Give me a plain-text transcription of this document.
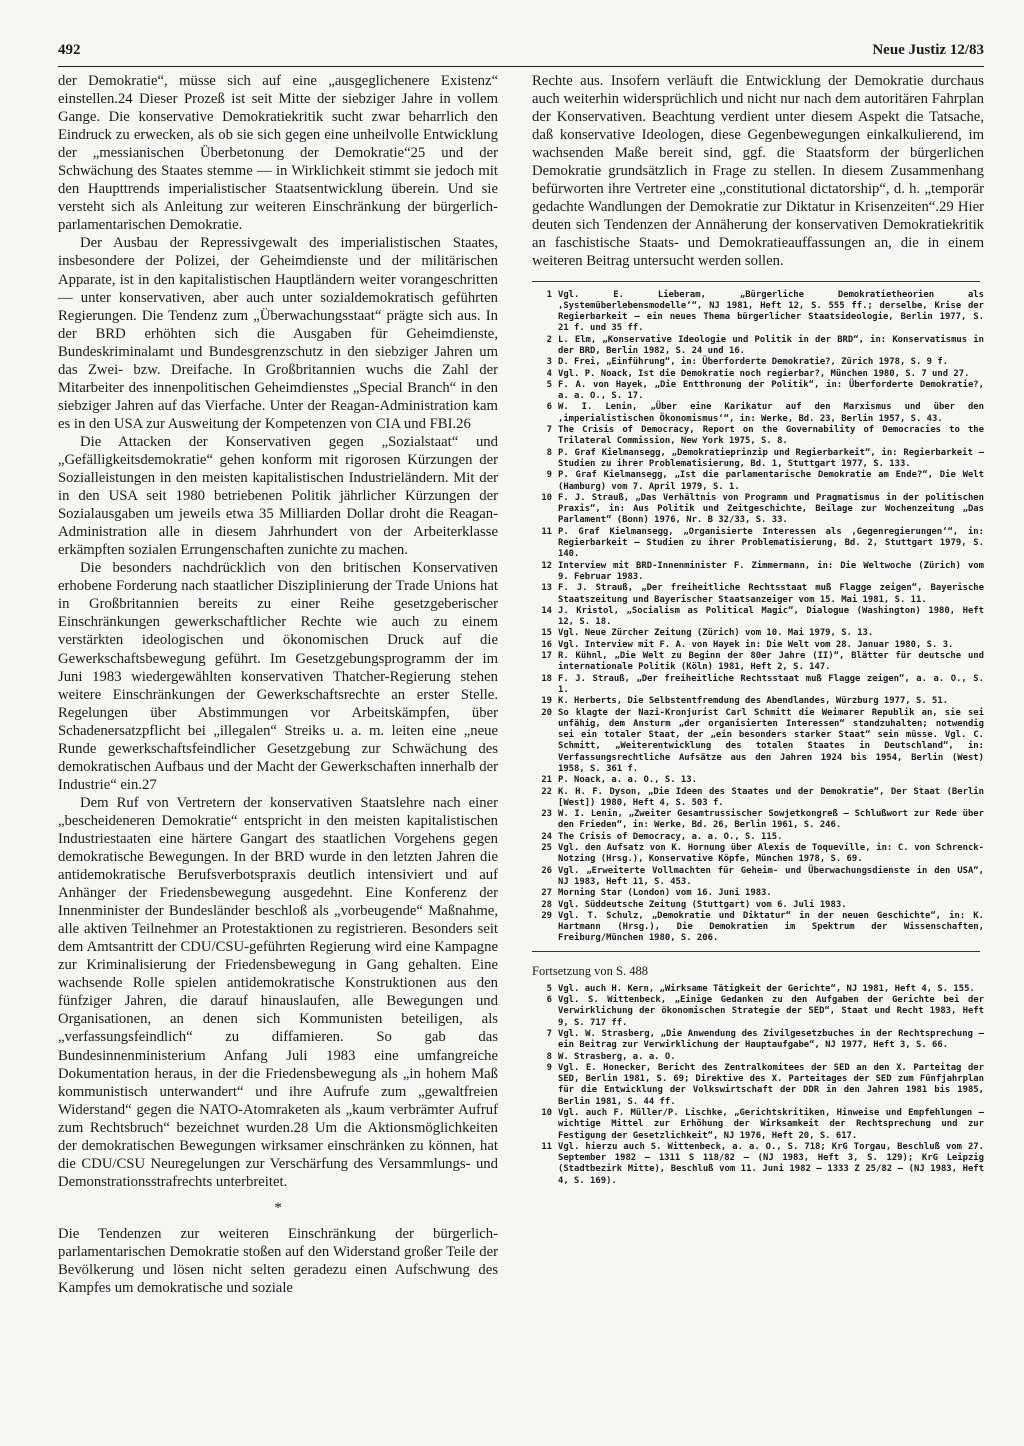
492	Neue Justiz 12/83

der Demokratie“, müsse sich auf eine „ausgeglichenere Existenz“ einstellen.24 Dieser Prozeß ist seit Mitte der siebziger Jahre in vollem Gange. Die konservative Demokratiekritik sucht zwar beharrlich den Eindruck zu erwecken, als ob sie sich gegen eine unheilvolle Entwicklung der „messianischen Überbetonung der Demokratie“25 und der Schwächung des Staates stemme — in Wirklichkeit stimmt sie jedoch mit den Haupttrends imperialistischer Staatsentwicklung überein. Und sie versteht sich als Anleitung zur weiteren Einschränkung der bürgerlich-parlamentarischen Demokratie.

Der Ausbau der Repressivgewalt des imperialistischen Staates, insbesondere der Polizei, der Geheimdienste und der militärischen Apparate, ist in den kapitalistischen Hauptländern weiter vorangeschritten — unter konservativen, aber auch unter sozialdemokratisch geführten Regierungen. Die Tendenz zum „Überwachungsstaat“ prägte sich aus. In der BRD erhöhten sich die Ausgaben für Geheimdienste, Bundeskriminalamt und Bundesgrenzschutz in den siebziger Jahren um das Zwei- bzw. Dreifache. In Großbritannien wuchs die Zahl der Mitarbeiter des innenpolitischen Geheimdienstes „Special Branch“ in den siebziger Jahren auf das Vierfache. Unter der Reagan-Administration kam es in den USA zur Ausweitung der Kompetenzen von CIA und FBI.26

Die Attacken der Konservativen gegen „Sozialstaat“ und „Gefälligkeitsdemokratie“ gehen konform mit rigorosen Kürzungen der Sozialleistungen in den meisten kapitalistischen Industrieländern. Mit der in den USA seit 1980 betriebenen Politik jährlicher Kürzungen der Sozialausgaben um jeweils etwa 35 Milliarden Dollar droht die Reagan-Administration alle in diesem Jahrhundert von der Arbeiterklasse erkämpften sozialen Errungenschaften zunichte zu machen.

Die besonders nachdrücklich von den britischen Konservativen erhobene Forderung nach staatlicher Disziplinierung der Trade Unions hat in Großbritannien bereits zu einer Reihe gesetzgeberischer Einschränkungen gewerkschaftlicher Rechte wie auch zu einem verstärkten ideologischen und ökonomischen Druck auf die Gewerkschaftsbewegung geführt. Im Gesetzgebungsprogramm der im Juni 1983 wiedergewählten konservativen Thatcher-Regierung stehen weitere Einschränkungen der Gewerkschaftsrechte an erster Stelle. Regelungen über Abstimmungen vor Arbeitskämpfen, über Schadenersatzpflicht bei „illegalen“ Streiks u. a. m. leiten eine „neue Runde gewerkschaftsfeindlicher Gesetzgebung zur Schwächung des demokratischen Aufbaus und der Macht der Gewerkschaften innerhalb der Industrie“ ein.27

Dem Ruf von Vertretern der konservativen Staatslehre nach einer „bescheideneren Demokratie“ entspricht in den meisten kapitalistischen Industriestaaten eine härtere Gangart des staatlichen Vorgehens gegen demokratische Bewegungen. In der BRD wurde in den letzten Jahren die antidemokratische Berufsverbotspraxis deutlich intensiviert und auf Anhänger der Friedensbewegung ausgedehnt. Eine Konferenz der Innenminister der Bundesländer beschloß als „vorbeugende“ Maßnahme, alle aktiven Teilnehmer an Protestaktionen zu registrieren. Besonders seit dem Amtsantritt der CDU/CSU-geführten Regierung wird eine Kampagne zur Kriminalisierung der Friedensbewegung in Gang gehalten. Eine wachsende Rolle spielen antidemokratische Konstruktionen aus den fünfziger Jahren, die darauf hinauslaufen, alle Bewegungen und Organisationen, an denen sich Kommunisten beteiligen, als „verfassungsfeindlich“ zu diffamieren. So gab das Bundesinnenministerium Anfang Juli 1983 eine umfangreiche Dokumentation heraus, in der die Friedensbewegung als „in hohem Maß kommunistisch unterwandert“ und ihre Aufrufe zum „gewaltfreien Widerstand“ gegen die NATO-Atomraketen als „kaum verbrämter Aufruf zum Rechtsbruch“ bezeichnet wurden.28 Um die Aktionsmöglichkeiten der demokratischen Bewegungen wirksamer einschränken zu können, hat die CDU/CSU Neuregelungen zur Verschärfung des Versammlungs- und Demonstrationsstrafrechts unterbreitet.

*

Die Tendenzen zur weiteren Einschränkung der bürgerlich-parlamentarischen Demokratie stoßen auf den Widerstand großer Teile der Bevölkerung und lösen nicht selten geradezu einen Aufschwung des Kampfes um demokratische und soziale

Rechte aus. Insofern verläuft die Entwicklung der Demokratie durchaus auch weiterhin widersprüchlich und nicht nur nach dem autoritären Fahrplan der Konservativen. Beachtung verdient unter diesem Aspekt die Tatsache, daß konservative Ideologen, diese Gegenbewegungen einkalkulierend, im wachsenden Maße bereit sind, ggf. die Staatsform der bürgerlichen Demokratie grundsätzlich in Frage zu stellen. In diesem Zusammenhang befürworten ihre Vertreter eine „constitutional dictatorship“, d. h. „temporär gedachte Wandlungen der Demokratie zur Diktatur in Krisenzeiten“.29 Hier deuten sich Tendenzen der Annäherung der konservativen Demokratiekritik an faschistische Staats- und Demokratieauffassungen an, die in einem weiteren Beitrag untersucht werden sollen.

1 Vgl. E. Lieberam, „Bürgerliche Demokratietheorien als ‚Systemüberlebensmodelle‘“, NJ 1981, Heft 12, S. 555 ff.; derselbe, Krise der Regierbarkeit — ein neues Thema bürgerlicher Staatsideologie, Berlin 1977, S. 21 f. und 35 ff.
2 L. Elm, „Konservative Ideologie und Politik in der BRD“, in: Konservatismus in der BRD, Berlin 1982, S. 24 und 16.
3 D. Frei, „Einführung“, in: Überforderte Demokratie?, Zürich 1978, S. 9 f.
4 Vgl. P. Noack, Ist die Demokratie noch regierbar?, München 1980, S. 7 und 27.
5 F. A. von Hayek, „Die Entthronung der Politik“, in: Überforderte Demokratie?, a. a. O., S. 17.
6 W. I. Lenin, „Über eine Karikatur auf den Marxismus und über den ‚imperialistischen Ökonomismus‘“, in: Werke, Bd. 23, Berlin 1957, S. 43.
7 The Crisis of Democracy, Report on the Governability of Democracies to the Trilateral Commission, New York 1975, S. 8.
8 P. Graf Kielmansegg, „Demokratieprinzip und Regierbarkeit“, in: Regierbarkeit — Studien zu ihrer Problematisierung, Bd. 1, Stuttgart 1977, S. 133.
9 P. Graf Kielmansegg, „Ist die parlamentarische Demokratie am Ende?“, Die Welt (Hamburg) vom 7. April 1979, S. 1.
10 F. J. Strauß, „Das Verhältnis von Programm und Pragmatismus in der politischen Praxis“, in: Aus Politik und Zeitgeschichte, Beilage zur Wochenzeitung „Das Parlament“ (Bonn) 1976, Nr. B 32/33, S. 33.
11 P. Graf Kielmansegg, „Organisierte Interessen als ‚Gegenregierungen‘“, in: Regierbarkeit — Studien zu ihrer Problematisierung, Bd. 2, Stuttgart 1979, S. 140.
12 Interview mit BRD-Innenminister F. Zimmermann, in: Die Weltwoche (Zürich) vom 9. Februar 1983.
13 F. J. Strauß, „Der freiheitliche Rechtsstaat muß Flagge zeigen“, Bayerische Staatszeitung und Bayerischer Staatsanzeiger vom 15. Mai 1981, S. 11.
14 J. Kristol, „Socialism as Political Magic“, Dialogue (Washington) 1980, Heft 12, S. 18.
15 Vgl. Neue Zürcher Zeitung (Zürich) vom 10. Mai 1979, S. 13.
16 Vgl. Interview mit F. A. von Hayek in: Die Welt vom 28. Januar 1980, S. 3.
17 R. Kühnl, „Die Welt zu Beginn der 80er Jahre (II)“, Blätter für deutsche und internationale Politik (Köln) 1981, Heft 2, S. 147.
18 F. J. Strauß, „Der freiheitliche Rechtsstaat muß Flagge zeigen“, a. a. O., S. 1.
19 K. Herberts, Die Selbstentfremdung des Abendlandes, Würzburg 1977, S. 51.
20 So klagte der Nazi-Kronjurist Carl Schmitt die Weimarer Republik an, sie sei unfähig, dem Ansturm „der organisierten Interessen“ standzuhalten; notwendig sei ein totaler Staat, der „ein besonders starker Staat“ sein müsse. Vgl. C. Schmitt, „Weiterentwicklung des totalen Staates in Deutschland“, in: Verfassungsrechtliche Aufsätze aus den Jahren 1924 bis 1954, Berlin (West) 1958, S. 361 f.
21 P. Noack, a. a. O., S. 13.
22 K. H. F. Dyson, „Die Ideen des Staates und der Demokratie“, Der Staat (Berlin [West]) 1980, Heft 4, S. 503 f.
23 W. I. Lenin, „Zweiter Gesamtrussischer Sowjetkongreß — Schlußwort zur Rede über den Frieden“, in: Werke, Bd. 26, Berlin 1961, S. 246.
24 The Crisis of Democracy, a. a. O., S. 115.
25 Vgl. den Aufsatz von K. Hornung über Alexis de Toqueville, in: C. von Schrenck-Notzing (Hrsg.), Konservative Köpfe, München 1978, S. 69.
26 Vgl. „Erweiterte Vollmachten für Geheim- und Überwachungsdienste in den USA“, NJ 1983, Heft 11, S. 453.
27 Morning Star (London) vom 16. Juni 1983.
28 Vgl. Süddeutsche Zeitung (Stuttgart) vom 6. Juli 1983.
29 Vgl. T. Schulz, „Demokratie und Diktatur“ in der neuen Geschichte“, in: K. Hartmann (Hrsg.), Die Demokratien im Spektrum der Wissenschaften, Freiburg/München 1980, S. 206.
Fortsetzung von S. 488
5 Vgl. auch H. Kern, „Wirksame Tätigkeit der Gerichte“, NJ 1981, Heft 4, S. 155.
6 Vgl. S. Wittenbeck, „Einige Gedanken zu den Aufgaben der Gerichte bei der Verwirklichung der ökonomischen Strategie der SED“, Staat und Recht 1983, Heft 9, S. 717 ff.
7 Vgl. W. Strasberg, „Die Anwendung des Zivilgesetzbuches in der Rechtsprechung — ein Beitrag zur Verwirklichung der Hauptaufgabe“, NJ 1977, Heft 3, S. 66.
8 W. Strasberg, a. a. O.
9 Vgl. E. Honecker, Bericht des Zentralkomitees der SED an den X. Parteitag der SED, Berlin 1981, S. 69; Direktive des X. Parteitages der SED zum Fünfjahrplan für die Entwicklung der Volkswirtschaft der DDR in den Jahren 1981 bis 1985, Berlin 1981, S. 44 ff.
10 Vgl. auch F. Müller/P. Lischke, „Gerichtskritiken, Hinweise und Empfehlungen — wichtige Mittel zur Erhöhung der Wirksamkeit der Rechtsprechung und zur Festigung der Gesetzlichkeit“, NJ 1976, Heft 20, S. 617.
11 Vgl. hierzu auch S. Wittenbeck, a. a. O., S. 718; KrG Torgau, Beschluß vom 27. September 1982 — 1311 S 118/82 — (NJ 1983, Heft 3, S. 129); KrG Leipzig (Stadtbezirk Mitte), Beschluß vom 11. Juni 1982 — 1333 Z 25/82 — (NJ 1983, Heft 4, S. 169).
